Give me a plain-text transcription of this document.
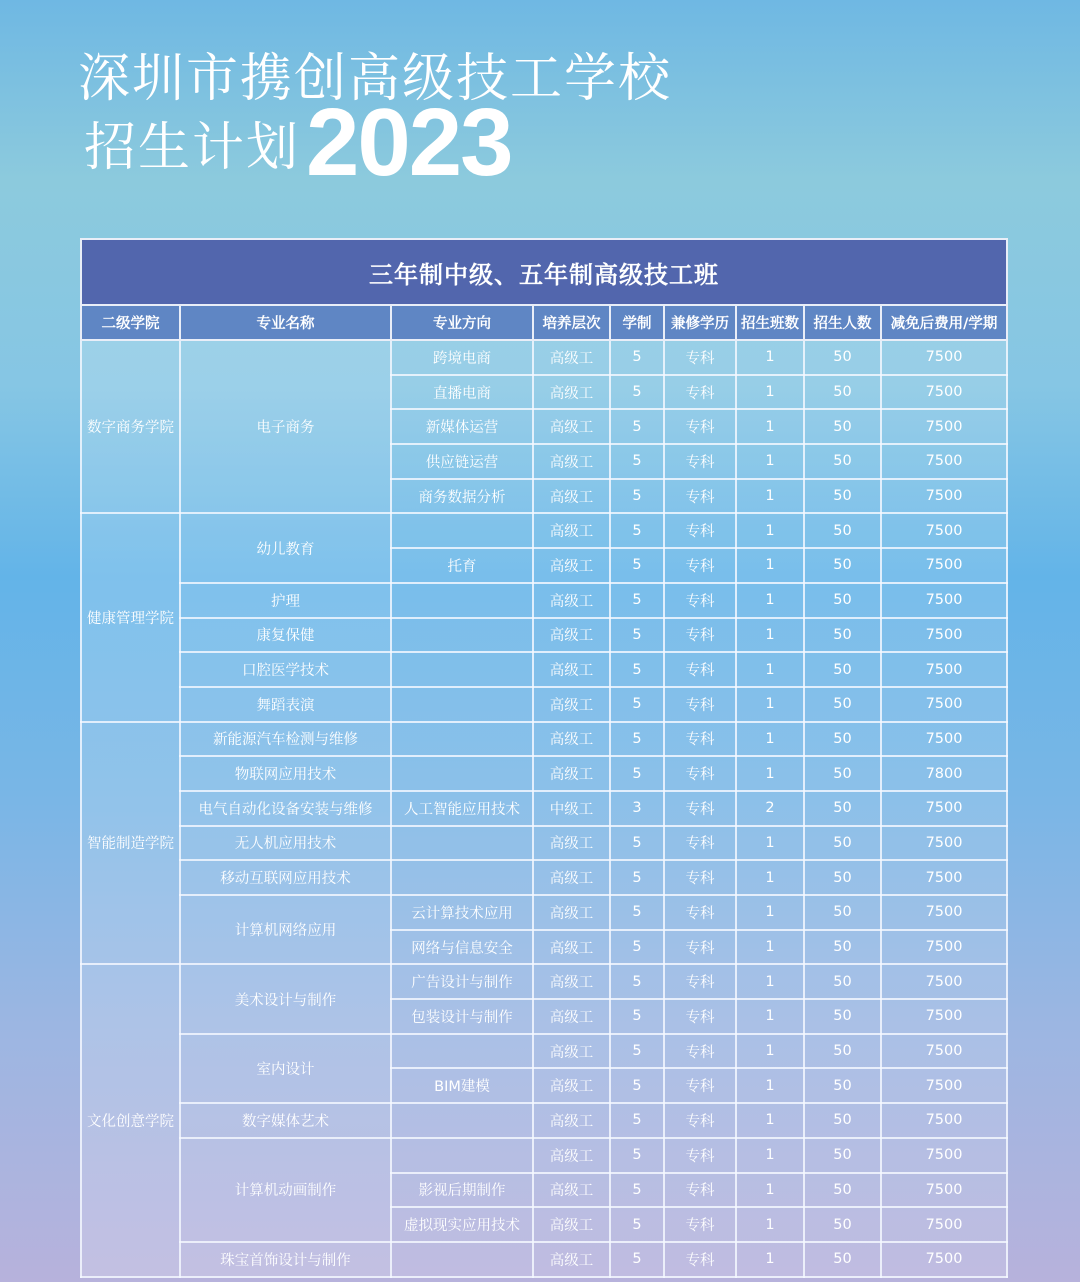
深圳市携创高级技工学校
招生计划 2023
三年制中级、五年制高级技工班								
二级学院	专业名称	专业方向	培养层次	学制	兼修学历	招生班数	招生人数	减免后费用/学期
数字商务学院	电子商务	跨境电商	高级工	5	专科	1	50	7500
		直播电商	高级工	5	专科	1	50	7500
		新媒体运营	高级工	5	专科	1	50	7500
		供应链运营	高级工	5	专科	1	50	7500
		商务数据分析	高级工	5	专科	1	50	7500
健康管理学院	幼儿教育		高级工	5	专科	1	50	7500
		托育	高级工	5	专科	1	50	7500
	护理		高级工	5	专科	1	50	7500
	康复保健		高级工	5	专科	1	50	7500
	口腔医学技术		高级工	5	专科	1	50	7500
	舞蹈表演		高级工	5	专科	1	50	7500
智能制造学院	新能源汽车检测与维修		高级工	5	专科	1	50	7500
	物联网应用技术		高级工	5	专科	1	50	7800
	电气自动化设备安装与维修	人工智能应用技术	中级工	3	专科	2	50	7500
	无人机应用技术		高级工	5	专科	1	50	7500
	移动互联网应用技术		高级工	5	专科	1	50	7500
	计算机网络应用	云计算技术应用	高级工	5	专科	1	50	7500
		网络与信息安全	高级工	5	专科	1	50	7500
文化创意学院	美术设计与制作	广告设计与制作	高级工	5	专科	1	50	7500
		包装设计与制作	高级工	5	专科	1	50	7500
	室内设计		高级工	5	专科	1	50	7500
		BIM建模	高级工	5	专科	1	50	7500
	数字媒体艺术		高级工	5	专科	1	50	7500
	计算机动画制作		高级工	5	专科	1	50	7500
		影视后期制作	高级工	5	专科	1	50	7500
		虚拟现实应用技术	高级工	5	专科	1	50	7500
	珠宝首饰设计与制作		高级工	5	专科	1	50	7500
